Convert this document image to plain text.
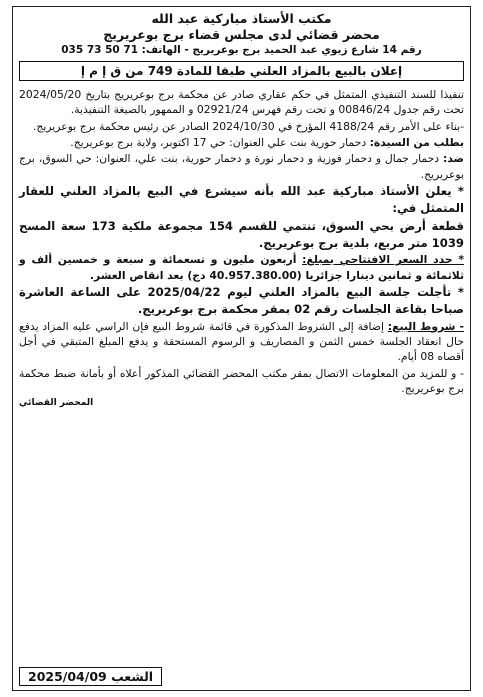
مكتب الأستاذ مباركية عبد الله
محضر قضائي لدى مجلس قضاء برج بوعريريج
رقم 14 شارع زيوي عبد الحميد برج بوعريريج - الهاتف: 71 50 73 035
إعلان بالبيع بالمزاد العلني طبقا للمادة 749 من ق إ م إ

تنفيذا للسند التنفيذي المتمثل في حكم عقاري صادر عن محكمة برج بوعريريج بتاريخ 2024/05/20 تحت رقم جدول 00846/24 و تحت رقم فهرس 02921/24 و الممهور بالصيغة التنفيذية.

-بناء على الأمر رقم 4188/24 المؤرخ في 2024/10/30 الصادر عن رئيس محكمة برج بوعريريج.

بطلب من السيدة: دحمار حورية بنت علي العنوان: حي 17 اكتوبر، ولاية برج بوعريريج.

ضد: دحمار جمال و دحمار فوزية و دحمار نورة و دحمار حورية، بنت علي، العنوان: حي السوق، برج بوعريريج.

* يعلن الأستاذ مباركية عبد الله بأنه سيشرع في البيع بالمزاد العلني للعقار المتمثل في:

قطعة أرض بحي السوق، تنتمي للقسم 154 مجموعة ملكية 173 سعة المسح 1039 متر مربع، بلدية برج بوعريريج.

* حدد السعر الافتتاحي بمبلغ: أربعون مليون و تسعمائة و سبعة و خمسين ألف و ثلاثمائة و ثمانين دينارا جزائريا (40.957.380.00 دج) بعد انقاص العشر.

* تأجلت جلسة البيع بالمزاد العلني ليوم 2025/04/22 على الساعة العاشرة صباحا بقاعة الجلسات رقم 02 بمقر محكمة برج بوعريريج.

- شروط البيع: إضافة إلى الشروط المذكورة في قائمة شروط البيع فإن الراسي عليه المزاد يدفع حال انعقاد الجلسة خمس الثمن و المصاريف و الرسوم المستحقة و يدفع المبلغ المتبقي في أجل أقصاه 08 أيام.

- و للمزيد من المعلومات الاتصال بمقر مكتب المحضر القضائي المذكور أعلاه أو بأمانة ضبط محكمة برج بوعريريج.

المحضر القضائي
الشعب 2025/04/09
